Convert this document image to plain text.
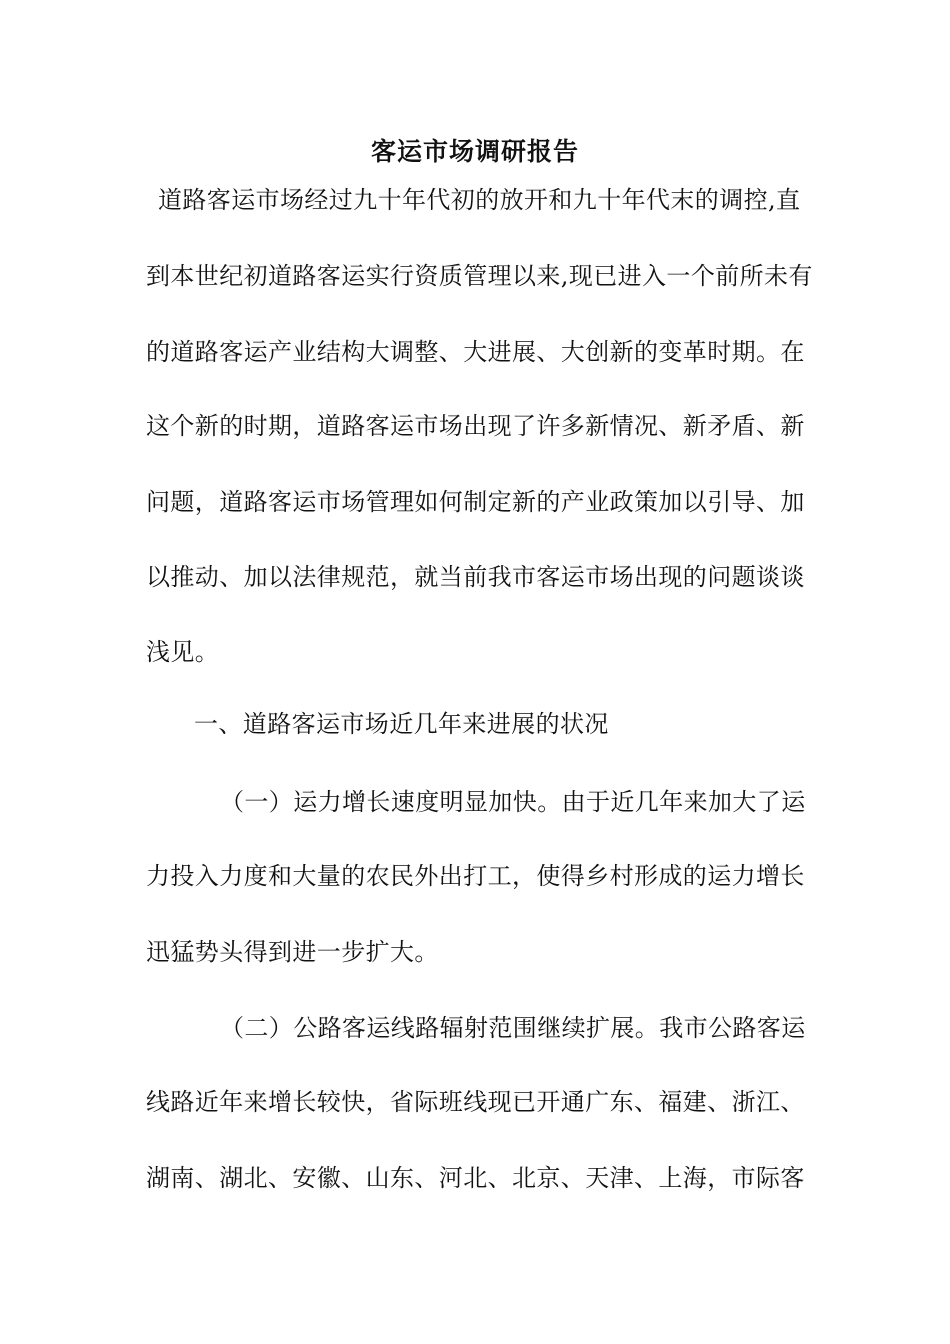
客运市场调研报告
道路客运市场经过九十年代初的放开和九十年代末的调控,直
到本世纪初道路客运实行资质管理以来,现已进入一个前所未有
的道路客运产业结构大调整、大进展、大创新的变革时期。在
这个新的时期，道路客运市场出现了许多新情况、新矛盾、新
问题，道路客运市场管理如何制定新的产业政策加以引导、加
以推动、加以法律规范，就当前我市客运市场出现的问题谈谈
浅见。
一、道路客运市场近几年来进展的状况
（一）运力增长速度明显加快。由于近几年来加大了运
力投入力度和大量的农民外出打工，使得乡村形成的运力增长
迅猛势头得到进一步扩大。
（二）公路客运线路辐射范围继续扩展。我市公路客运
线路近年来增长较快，省际班线现已开通广东、福建、浙江、
湖南、湖北、安徽、山东、河北、北京、天津、上海，市际客
